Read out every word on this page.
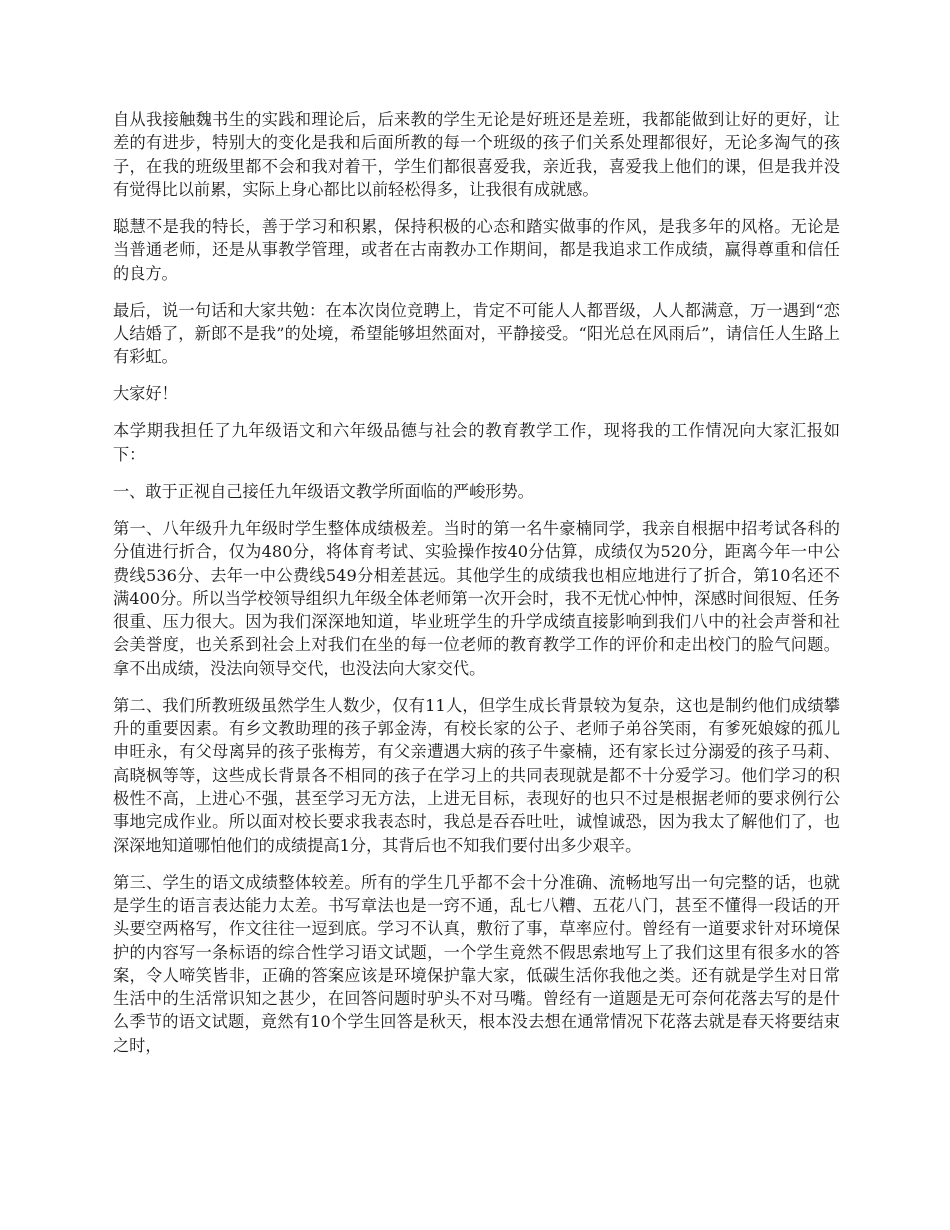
自从我接触魏书生的实践和理论后，后来教的学生无论是好班还是差班，我都能做到让好的更好，让差的有进步，特别大的变化是我和后面所教的每一个班级的孩子们关系处理都很好，无论多淘气的孩子，在我的班级里都不会和我对着干，学生们都很喜爱我，亲近我，喜爱我上他们的课，但是我并没有觉得比以前累，实际上身心都比以前轻松得多，让我很有成就感。

聪慧不是我的特长，善于学习和积累，保持积极的心态和踏实做事的作风，是我多年的风格。无论是当普通老师，还是从事教学管理，或者在古南教办工作期间，都是我追求工作成绩，赢得尊重和信任的良方。

最后，说一句话和大家共勉：在本次岗位竞聘上，肯定不可能人人都晋级，人人都满意，万一遇到“恋人结婚了，新郎不是我”的处境，希望能够坦然面对，平静接受。“阳光总在风雨后”，请信任人生路上有彩虹。

大家好！

本学期我担任了九年级语文和六年级品德与社会的教育教学工作，现将我的工作情况向大家汇报如下：

一、敢于正视自己接任九年级语文教学所面临的严峻形势。

第一、八年级升九年级时学生整体成绩极差。当时的第一名牛豪楠同学，我亲自根据中招考试各科的分值进行折合，仅为480分，将体育考试、实验操作按40分估算，成绩仅为520分，距离今年一中公费线536分、去年一中公费线549分相差甚远。其他学生的成绩我也相应地进行了折合，第10名还不满400分。所以当学校领导组织九年级全体老师第一次开会时，我不无忧心忡忡，深感时间很短、任务很重、压力很大。因为我们深深地知道，毕业班学生的升学成绩直接影响到我们八中的社会声誉和社会美誉度，也关系到社会上对我们在坐的每一位老师的教育教学工作的评价和走出校门的脸气问题。拿不出成绩，没法向领导交代，也没法向大家交代。

第二、我们所教班级虽然学生人数少，仅有11人，但学生成长背景较为复杂，这也是制约他们成绩攀升的重要因素。有乡文教助理的孩子郭金涛，有校长家的公子、老师子弟谷笑雨，有爹死娘嫁的孤儿申旺永，有父母离异的孩子张梅芳，有父亲遭遇大病的孩子牛豪楠，还有家长过分溺爱的孩子马莉、高晓枫等等，这些成长背景各不相同的孩子在学习上的共同表现就是都不十分爱学习。他们学习的积极性不高，上进心不强，甚至学习无方法，上进无目标，表现好的也只不过是根据老师的要求例行公事地完成作业。所以面对校长要求我表态时，我总是吞吞吐吐，诚惶诚恐，因为我太了解他们了，也深深地知道哪怕他们的成绩提高1分，其背后也不知我们要付出多少艰辛。

第三、学生的语文成绩整体较差。所有的学生几乎都不会十分准确、流畅地写出一句完整的话，也就是学生的语言表达能力太差。书写章法也是一窍不通，乱七八糟、五花八门，甚至不懂得一段话的开头要空两格写，作文往往一逗到底。学习不认真，敷衍了事，草率应付。曾经有一道要求针对环境保护的内容写一条标语的综合性学习语文试题，一个学生竟然不假思索地写上了我们这里有很多水的答案，令人啼笑皆非，正确的答案应该是环境保护靠大家，低碳生活你我他之类。还有就是学生对日常生活中的生活常识知之甚少，在回答问题时驴头不对马嘴。曾经有一道题是无可奈何花落去写的是什么季节的语文试题，竟然有10个学生回答是秋天，根本没去想在通常情况下花落去就是春天将要结束之时，
